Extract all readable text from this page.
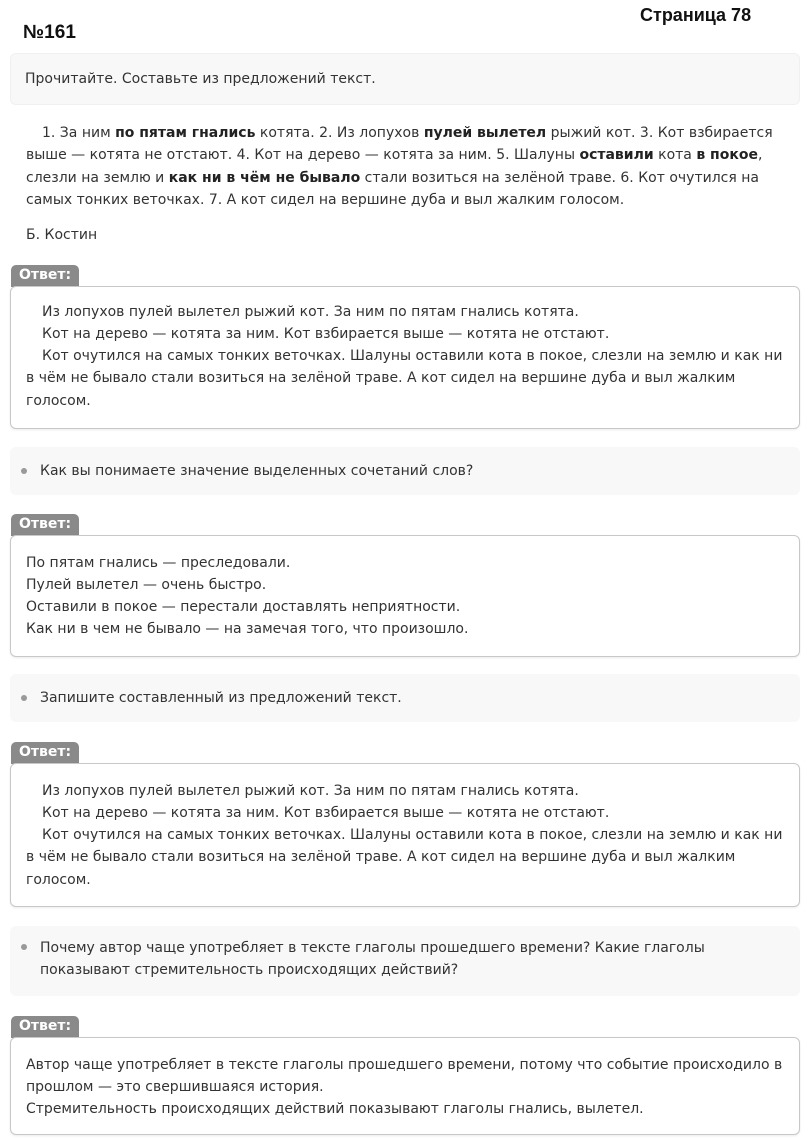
№161
Страница 78
Прочитайте. Составьте из предложений текст.

1. За ним по пятам гнались котята. 2. Из лопухов пулей вылетел рыжий кот. 3. Кот взбирается выше — котята не отстают. 4. Кот на дерево — котята за ним. 5. Шалуны оставили кота в покое, слезли на землю и как ни в чём не бывало стали возиться на зелёной траве. 6. Кот очутился на самых тонких веточках. 7. А кот сидел на вершине дуба и выл жалким голосом.

Б. Костин
Ответ:

Из лопухов пулей вылетел рыжий кот. За ним по пятам гнались котята.

Кот на дерево — котята за ним. Кот взбирается выше — котята не отстают.

Кот очутился на самых тонких веточках. Шалуны оставили кота в покое, слезли на землю и как ни в чём не бывало стали возиться на зелёной траве. А кот сидел на вершине дуба и выл жалким голосом.

Как вы понимаете значение выделенных сочетаний слов?

Ответ:

По пятам гнались — преследовали.

Пулей вылетел — очень быстро.

Оставили в покое — перестали доставлять неприятности.

Как ни в чем не бывало — на замечая того, что произошло.

Запишите составленный из предложений текст.

Ответ:

Из лопухов пулей вылетел рыжий кот. За ним по пятам гнались котята.

Кот на дерево — котята за ним. Кот взбирается выше — котята не отстают.

Кот очутился на самых тонких веточках. Шалуны оставили кота в покое, слезли на землю и как ни в чём не бывало стали возиться на зелёной траве. А кот сидел на вершине дуба и выл жалким голосом.

Почему автор чаще употребляет в тексте глаголы прошедшего времени? Какие глаголы показывают стремительность происходящих действий?

Ответ:

Автор чаще употребляет в тексте глаголы прошедшего времени, потому что событие происходило в прошлом — это свершившаяся история.

Стремительность происходящих действий показывают глаголы гнались, вылетел.
